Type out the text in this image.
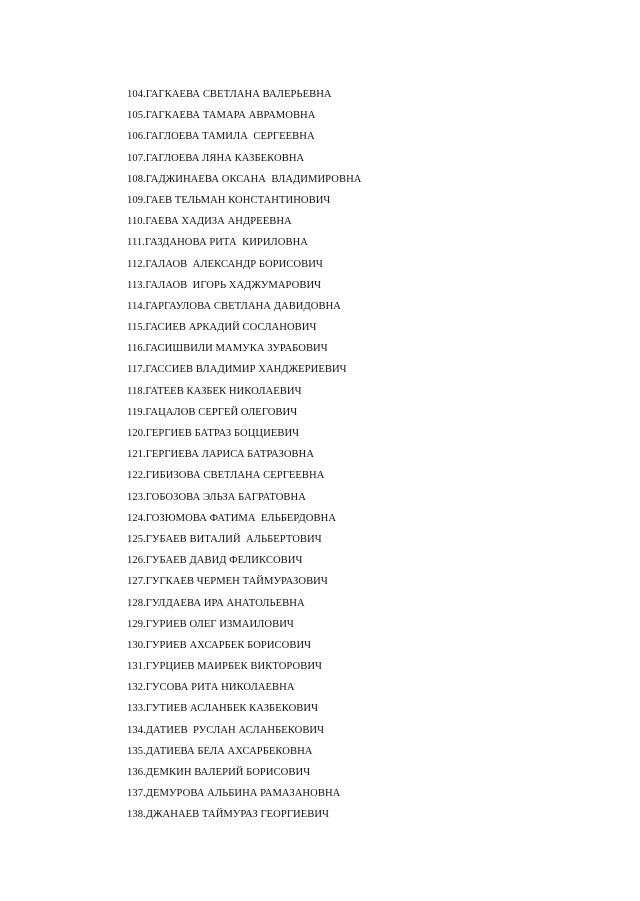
104.ГАГКАЕВА СВЕТЛАНА ВАЛЕРЬЕВНА
105.ГАГКАЕВА ТАМАРА АВРАМОВНА
106.ГАГЛОЕВА ТАМИЛА  СЕРГЕЕВНА
107.ГАГЛОЕВА ЛЯНА КАЗБЕКОВНА
108.ГАДЖИНАЕВА ОКСАНА  ВЛАДИМИРОВНА
109.ГАЕВ ТЕЛЬМАН КОНСТАНТИНОВИЧ
110.ГАЕВА ХАДИЗА АНДРЕЕВНА
111.ГАЗДАНОВА РИТА  КИРИЛОВНА
112.ГАЛАОВ  АЛЕКСАНДР БОРИСОВИЧ
113.ГАЛАОВ  ИГОРЬ ХАДЖУМАРОВИЧ
114.ГАРГАУЛОВА СВЕТЛАНА ДАВИДОВНА
115.ГАСИЕВ АРКАДИЙ СОСЛАНОВИЧ
116.ГАСИШВИЛИ МАМУКА ЗУРАБОВИЧ
117.ГАССИЕВ ВЛАДИМИР ХАНДЖЕРИЕВИЧ
118.ГАТЕЕВ КАЗБЕК НИКОЛАЕВИЧ
119.ГАЦАЛОВ СЕРГЕЙ ОЛЕГОВИЧ
120.ГЕРГИЕВ БАТРАЗ БОЦЦИЕВИЧ
121.ГЕРГИЕВА ЛАРИСА БАТРАЗОВНА
122.ГИБИЗОВА СВЕТЛАНА СЕРГЕЕВНА
123.ГОБОЗОВА ЭЛЬЗА БАГРАТОВНА
124.ГОЗЮМОВА ФАТИМА  ЕЛЬБЕРДОВНА
125.ГУБАЕВ ВИТАЛИЙ  АЛЬБЕРТОВИЧ
126.ГУБАЕВ ДАВИД ФЕЛИКСОВИЧ
127.ГУГКАЕВ ЧЕРМЕН ТАЙМУРАЗОВИЧ
128.ГУЛДАЕВА ИРА АНАТОЛЬЕВНА
129.ГУРИЕВ ОЛЕГ ИЗМАИЛОВИЧ
130.ГУРИЕВ АХСАРБЕК БОРИСОВИЧ
131.ГУРЦИЕВ МАИРБЕК ВИКТОРОВИЧ
132.ГУСОВА РИТА НИКОЛАЕВНА
133.ГУТИЕВ АСЛАНБЕК КАЗБЕКОВИЧ
134.ДАТИЕВ  РУСЛАН АСЛАНБЕКОВИЧ
135.ДАТИЕВА БЕЛА АХСАРБЕКОВНА
136.ДЕМКИН ВАЛЕРИЙ БОРИСОВИЧ
137.ДЕМУРОВА АЛЬБИНА РАМАЗАНОВНА
138.ДЖАНАЕВ ТАЙМУРАЗ ГЕОРГИЕВИЧ
